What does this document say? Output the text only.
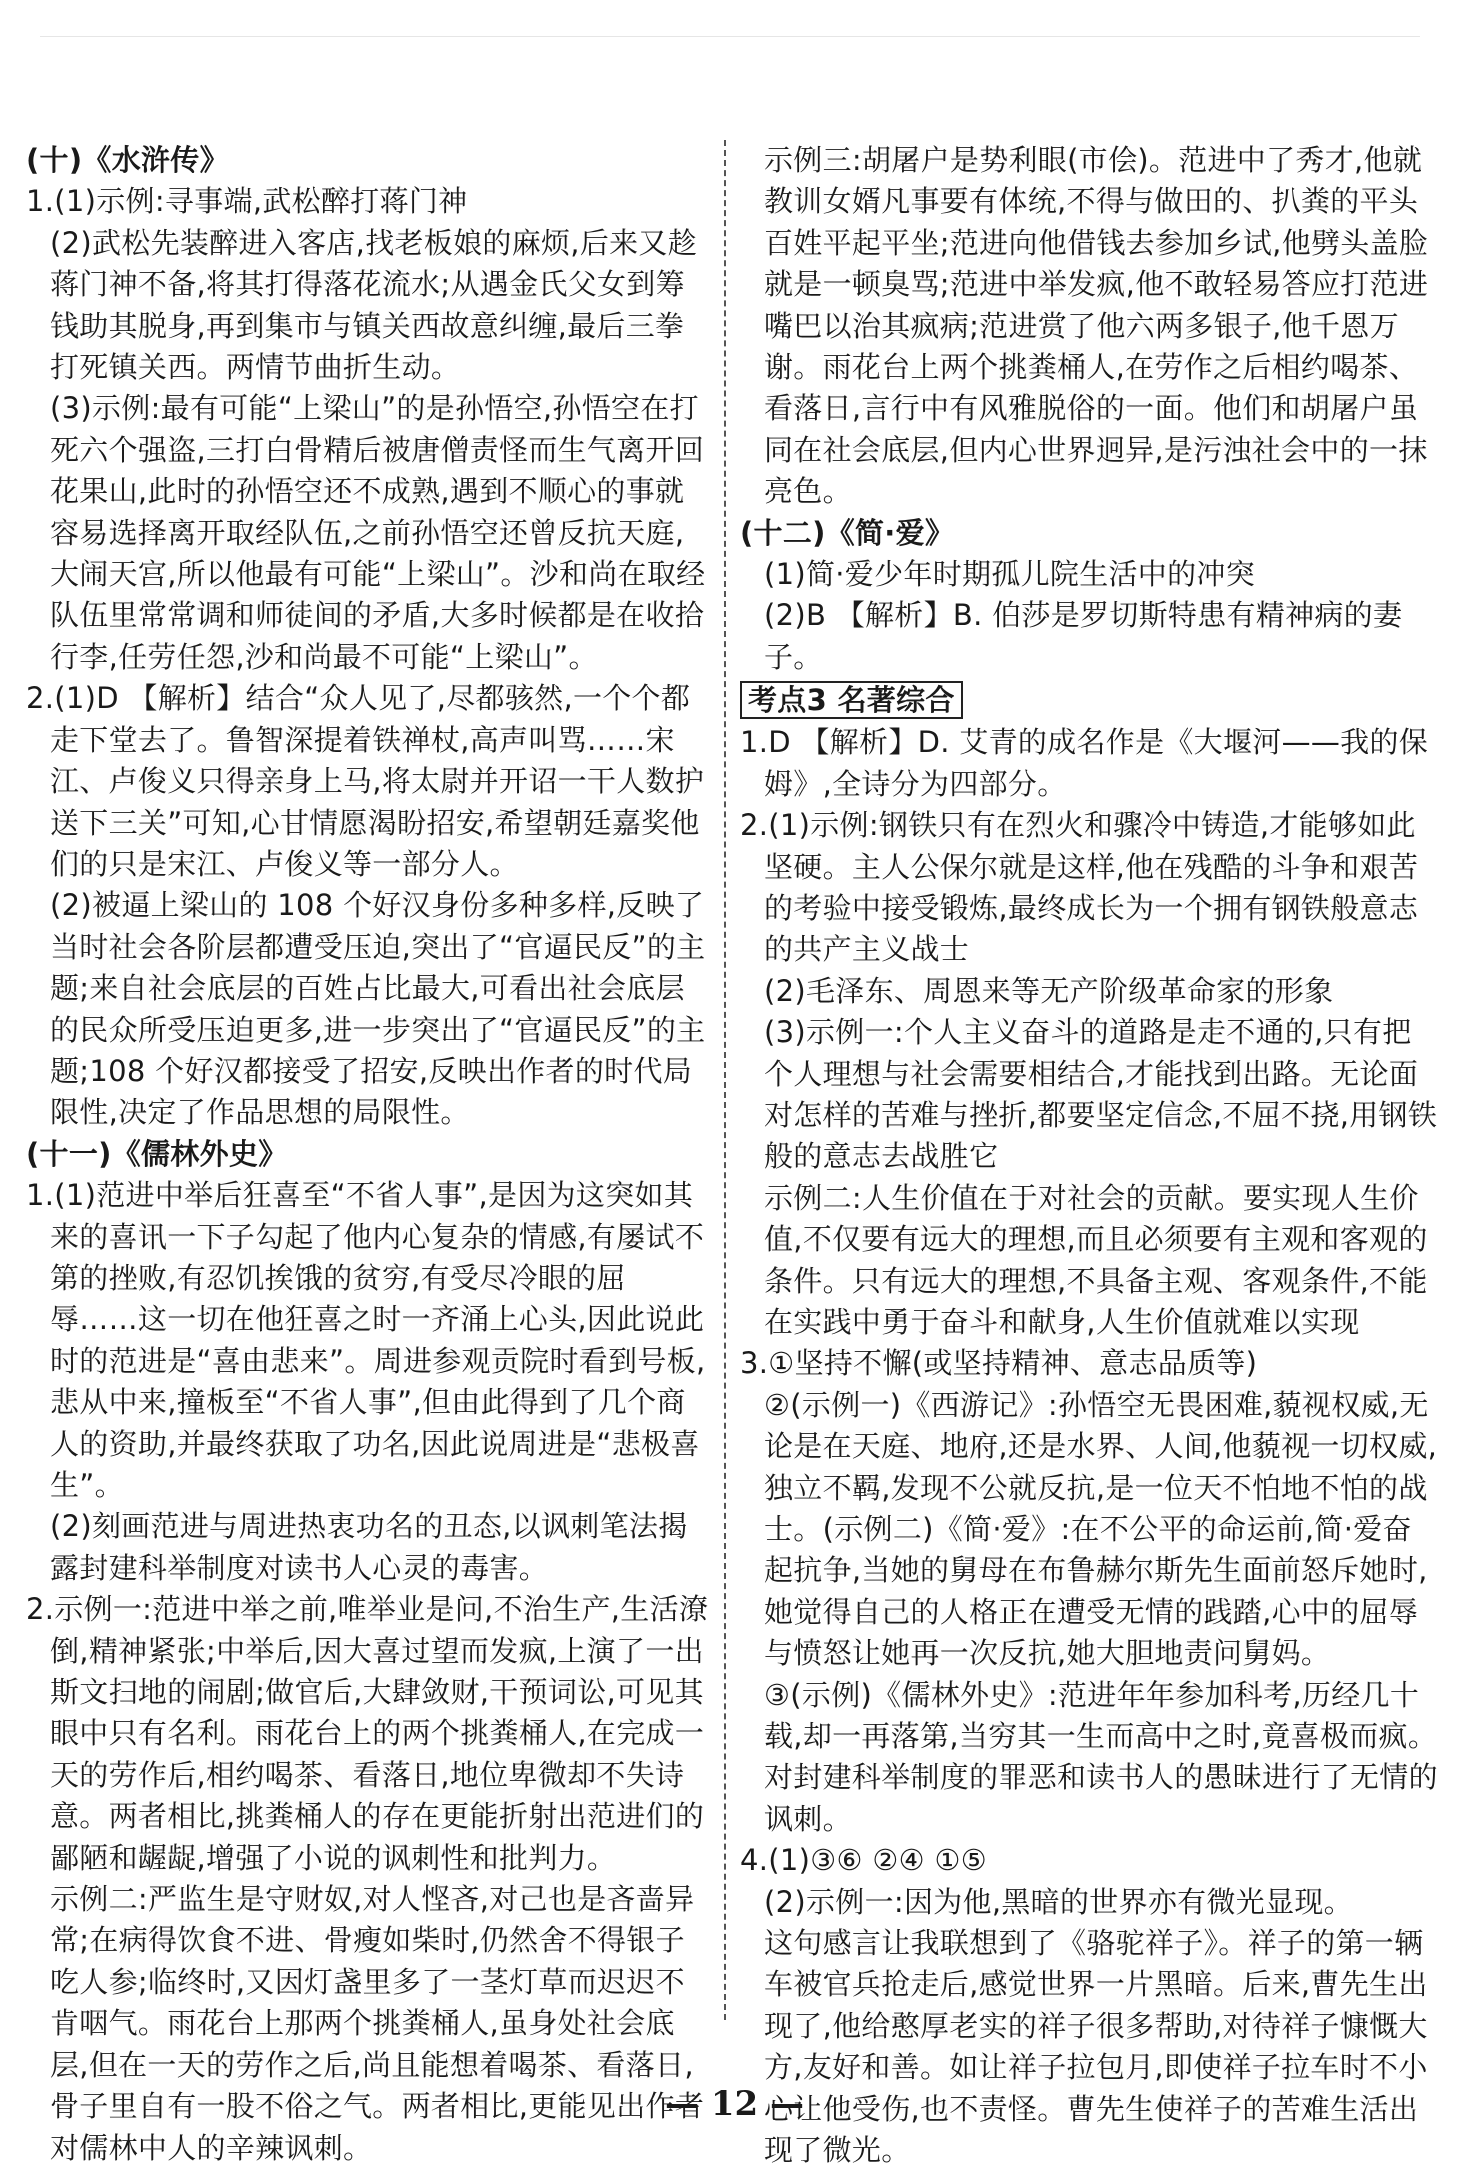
(十)《水浒传》
1.(1)示例:寻事端,武松醉打蒋门神
(2)武松先装醉进入客店,找老板娘的麻烦,后来又趁蒋门神不备,将其打得落花流水;从遇金氏父女到筹钱助其脱身,再到集市与镇关西故意纠缠,最后三拳打死镇关西。两情节曲折生动。
(3)示例:最有可能“上梁山”的是孙悟空,孙悟空在打死六个强盗,三打白骨精后被唐僧责怪而生气离开回花果山,此时的孙悟空还不成熟,遇到不顺心的事就容易选择离开取经队伍,之前孙悟空还曾反抗天庭,大闹天宫,所以他最有可能“上梁山”。沙和尚在取经队伍里常常调和师徒间的矛盾,大多时候都是在收拾行李,任劳任怨,沙和尚最不可能“上梁山”。
2.(1)D 【解析】结合“众人见了,尽都骇然,一个个都走下堂去了。鲁智深提着铁禅杖,高声叫骂……宋江、卢俊义只得亲身上马,将太尉并开诏一干人数护送下三关”可知,心甘情愿渴盼招安,希望朝廷嘉奖他们的只是宋江、卢俊义等一部分人。
(2)被逼上梁山的 108 个好汉身份多种多样,反映了当时社会各阶层都遭受压迫,突出了“官逼民反”的主题;来自社会底层的百姓占比最大,可看出社会底层的民众所受压迫更多,进一步突出了“官逼民反”的主题;108 个好汉都接受了招安,反映出作者的时代局限性,决定了作品思想的局限性。
(十一)《儒林外史》
1.(1)范进中举后狂喜至“不省人事”,是因为这突如其来的喜讯一下子勾起了他内心复杂的情感,有屡试不第的挫败,有忍饥挨饿的贫穷,有受尽冷眼的屈辱……这一切在他狂喜之时一齐涌上心头,因此说此时的范进是“喜由悲来”。周进参观贡院时看到号板,悲从中来,撞板至“不省人事”,但由此得到了几个商人的资助,并最终获取了功名,因此说周进是“悲极喜生”。
(2)刻画范进与周进热衷功名的丑态,以讽刺笔法揭露封建科举制度对读书人心灵的毒害。
2.示例一:范进中举之前,唯举业是问,不治生产,生活潦倒,精神紧张;中举后,因大喜过望而发疯,上演了一出斯文扫地的闹剧;做官后,大肆敛财,干预词讼,可见其眼中只有名利。雨花台上的两个挑粪桶人,在完成一天的劳作后,相约喝茶、看落日,地位卑微却不失诗意。两者相比,挑粪桶人的存在更能折射出范进们的鄙陋和龌龊,增强了小说的讽刺性和批判力。
示例二:严监生是守财奴,对人悭吝,对己也是吝啬异常;在病得饮食不进、骨瘦如柴时,仍然舍不得银子吃人参;临终时,又因灯盏里多了一茎灯草而迟迟不肯咽气。雨花台上那两个挑粪桶人,虽身处社会底层,但在一天的劳作之后,尚且能想着喝茶、看落日,骨子里自有一股不俗之气。两者相比,更能见出作者对儒林中人的辛辣讽刺。
示例三:胡屠户是势利眼(市侩)。范进中了秀才,他就教训女婿凡事要有体统,不得与做田的、扒粪的平头百姓平起平坐;范进向他借钱去参加乡试,他劈头盖脸就是一顿臭骂;范进中举发疯,他不敢轻易答应打范进嘴巴以治其疯病;范进赏了他六两多银子,他千恩万谢。雨花台上两个挑粪桶人,在劳作之后相约喝茶、看落日,言行中有风雅脱俗的一面。他们和胡屠户虽同在社会底层,但内心世界迥异,是污浊社会中的一抹亮色。
(十二)《简·爱》
(1)简·爱少年时期孤儿院生活中的冲突
(2)B 【解析】B. 伯莎是罗切斯特患有精神病的妻子。
考点3 名著综合
1.D 【解析】D. 艾青的成名作是《大堰河——我的保姆》,全诗分为四部分。
2.(1)示例:钢铁只有在烈火和骤冷中铸造,才能够如此坚硬。主人公保尔就是这样,他在残酷的斗争和艰苦的考验中接受锻炼,最终成长为一个拥有钢铁般意志的共产主义战士
(2)毛泽东、周恩来等无产阶级革命家的形象
(3)示例一:个人主义奋斗的道路是走不通的,只有把个人理想与社会需要相结合,才能找到出路。无论面对怎样的苦难与挫折,都要坚定信念,不屈不挠,用钢铁般的意志去战胜它
示例二:人生价值在于对社会的贡献。要实现人生价值,不仅要有远大的理想,而且必须要有主观和客观的条件。只有远大的理想,不具备主观、客观条件,不能在实践中勇于奋斗和献身,人生价值就难以实现
3.①坚持不懈(或坚持精神、意志品质等)
②(示例一)《西游记》:孙悟空无畏困难,藐视权威,无论是在天庭、地府,还是水界、人间,他藐视一切权威,独立不羁,发现不公就反抗,是一位天不怕地不怕的战士。(示例二)《简·爱》:在不公平的命运前,简·爱奋起抗争,当她的舅母在布鲁赫尔斯先生面前怒斥她时,她觉得自己的人格正在遭受无情的践踏,心中的屈辱与愤怒让她再一次反抗,她大胆地责问舅妈。
③(示例)《儒林外史》:范进年年参加科考,历经几十载,却一再落第,当穷其一生而高中之时,竟喜极而疯。对封建科举制度的罪恶和读书人的愚昧进行了无情的讽刺。
4.(1)③⑥ ②④ ①⑤
(2)示例一:因为他,黑暗的世界亦有微光显现。
这句感言让我联想到了《骆驼祥子》。祥子的第一辆车被官兵抢走后,感觉世界一片黑暗。后来,曹先生出现了,他给憨厚老实的祥子很多帮助,对待祥子慷慨大方,友好和善。如让祥子拉包月,即使祥子拉车时不小心让他受伤,也不责怪。曹先生使祥子的苦难生活出现了微光。
— 12 —
